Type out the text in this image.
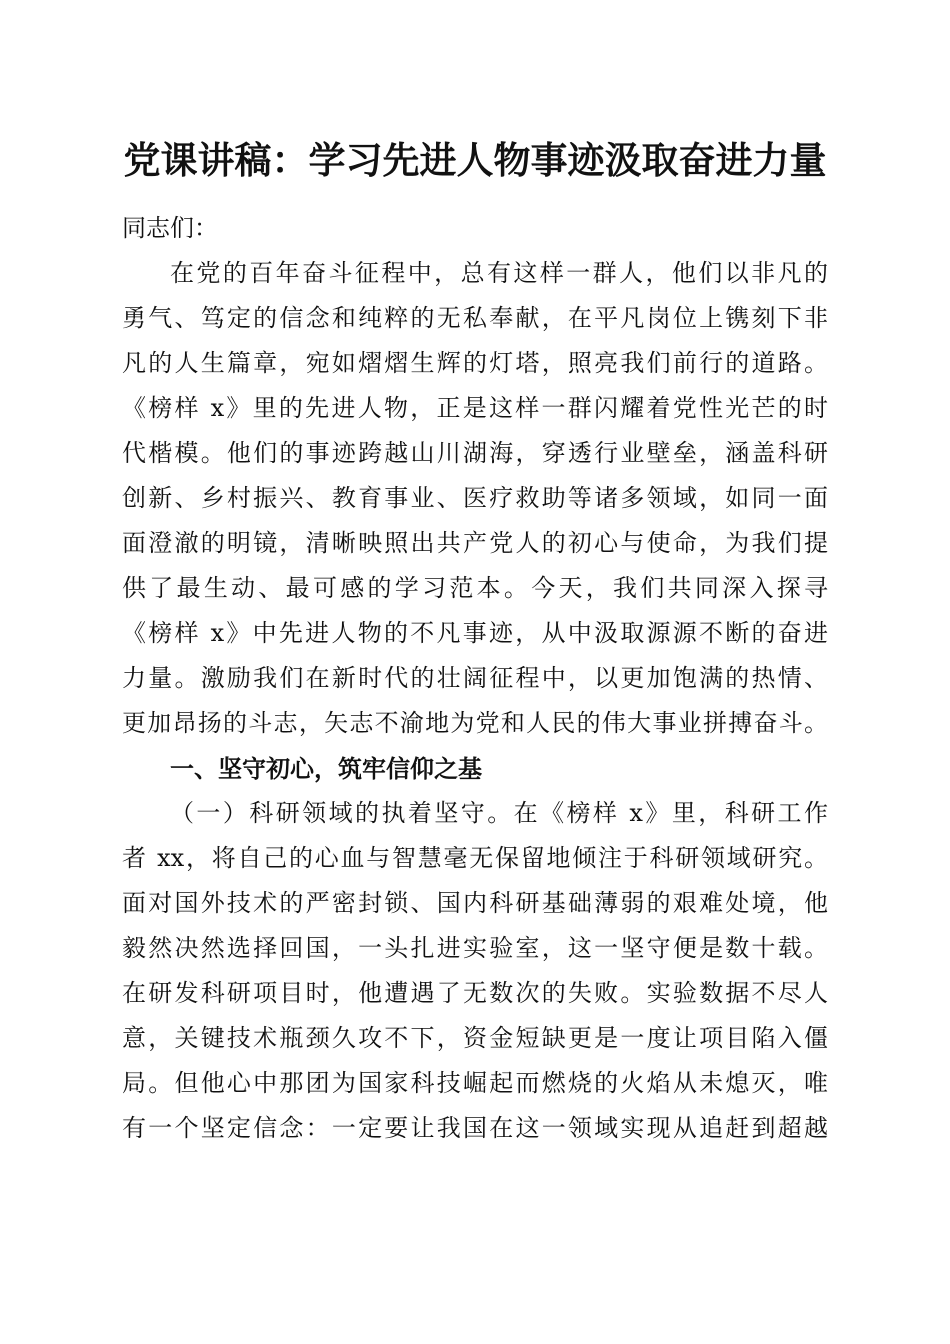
党课讲稿：学习先进人物事迹汲取奋进力量
同志们：
在党的百年奋斗征程中，总有这样一群人，他们以非凡的
勇气、笃定的信念和纯粹的无私奉献，在平凡岗位上镌刻下非
凡的人生篇章，宛如熠熠生辉的灯塔，照亮我们前行的道路。
《榜样 x》里的先进人物，正是这样一群闪耀着党性光芒的时
代楷模。他们的事迹跨越山川湖海，穿透行业壁垒，涵盖科研
创新、乡村振兴、教育事业、医疗救助等诸多领域，如同一面
面澄澈的明镜，清晰映照出共产党人的初心与使命，为我们提
供了最生动、最可感的学习范本。今天，我们共同深入探寻
《榜样 x》中先进人物的不凡事迹，从中汲取源源不断的奋进
力量。激励我们在新时代的壮阔征程中，以更加饱满的热情、
更加昂扬的斗志，矢志不渝地为党和人民的伟大事业拼搏奋斗。
一、坚守初心，筑牢信仰之基
（一）科研领域的执着坚守。在《榜样 x》里，科研工作
者 xx，将自己的心血与智慧毫无保留地倾注于科研领域研究。
面对国外技术的严密封锁、国内科研基础薄弱的艰难处境，他
毅然决然选择回国，一头扎进实验室，这一坚守便是数十载。
在研发科研项目时，他遭遇了无数次的失败。实验数据不尽人
意，关键技术瓶颈久攻不下，资金短缺更是一度让项目陷入僵
局。但他心中那团为国家科技崛起而燃烧的火焰从未熄灭，唯
有一个坚定信念：一定要让我国在这一领域实现从追赶到超越
